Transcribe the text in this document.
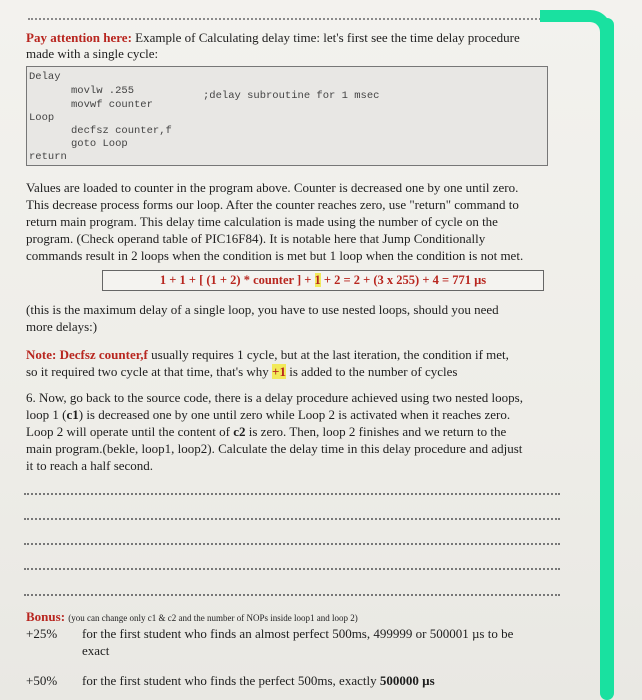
Pay attention here: Example of Calculating delay time: let's first see the time delay procedure
made with a single cycle:
Delay
movlw .255	;delay subroutine for 1 msec
movwf counter
Loop
decfsz counter,f
goto Loop
return
Values are loaded to counter in the program above. Counter is decreased one by one until zero.
This decrease process forms our loop. After the counter reaches zero, use "return" command to
return main program. This delay time calculation is made using the number of cycle on the
program. (Check operand table of PIC16F84). It is notable here that Jump Conditionally
commands result in 2 loops when the condition is met but 1 loop when the condition is not met.
1 + 1 + [ (1 + 2) * counter ] + 1 + 2 = 2 + (3 x 255) + 4 = 771 µs
(this is the maximum delay of a single loop, you have to use nested loops, should you need
more delays:)
Note: Decfsz counter,f usually requires 1 cycle, but at the last iteration, the condition if met,
so it required two cycle at that time, that's why +1 is added to the number of cycles
6. Now, go back to the source code, there is a delay procedure achieved using two nested loops,
loop 1 (c1) is decreased one by one until zero while Loop 2 is activated when it reaches zero.
Loop 2 will operate until the content of c2 is zero. Then, loop 2 finishes and we return to the
main program.(bekle, loop1, loop2). Calculate the delay time in this delay procedure and adjust
it to reach a half second.
Bonus: (you can change only c1 & c2 and the number of NOPs inside loop1 and loop 2)
+25% for the first student who finds an almost perfect 500ms, 499999 or 500001 µs to be
exact
+50% for the first student who finds the perfect 500ms, exactly 500000 µs
